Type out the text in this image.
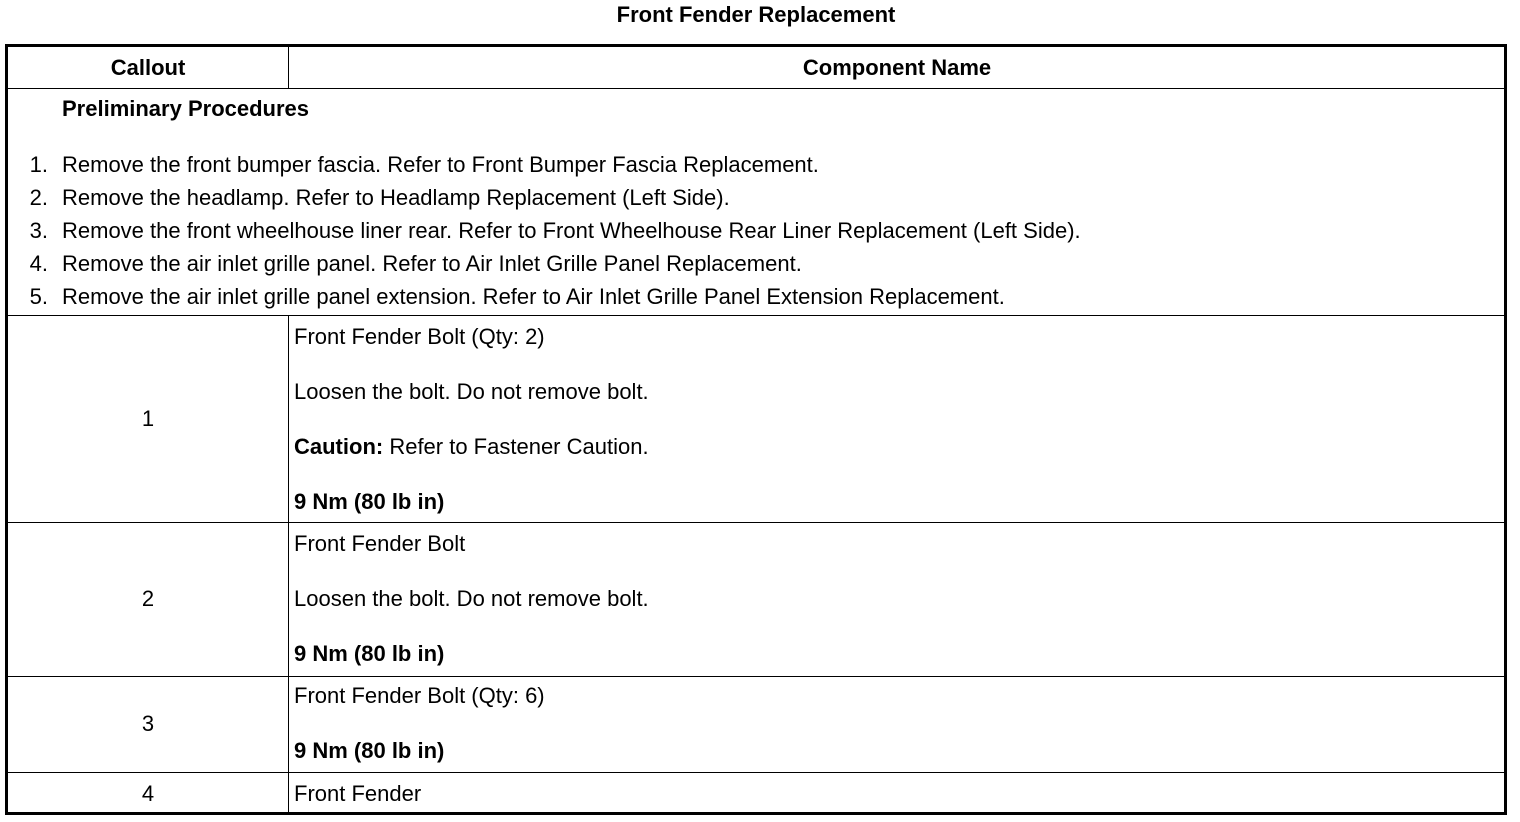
Front Fender Replacement
Callout	Component Name
Preliminary Procedures
1. Remove the front bumper fascia. Refer to Front Bumper Fascia Replacement.
2. Remove the headlamp. Refer to Headlamp Replacement (Left Side).
3. Remove the front wheelhouse liner rear. Refer to Front Wheelhouse Rear Liner Replacement (Left Side).
4. Remove the air inlet grille panel. Refer to Air Inlet Grille Panel Replacement.
5. Remove the air inlet grille panel extension. Refer to Air Inlet Grille Panel Extension Replacement.
1
Front Fender Bolt (Qty: 2)
Loosen the bolt. Do not remove bolt.
Caution: Refer to Fastener Caution.
9 Nm (80 lb in)
2
Front Fender Bolt
Loosen the bolt. Do not remove bolt.
9 Nm (80 lb in)
3
Front Fender Bolt (Qty: 6)
9 Nm (80 lb in)
4	Front Fender
